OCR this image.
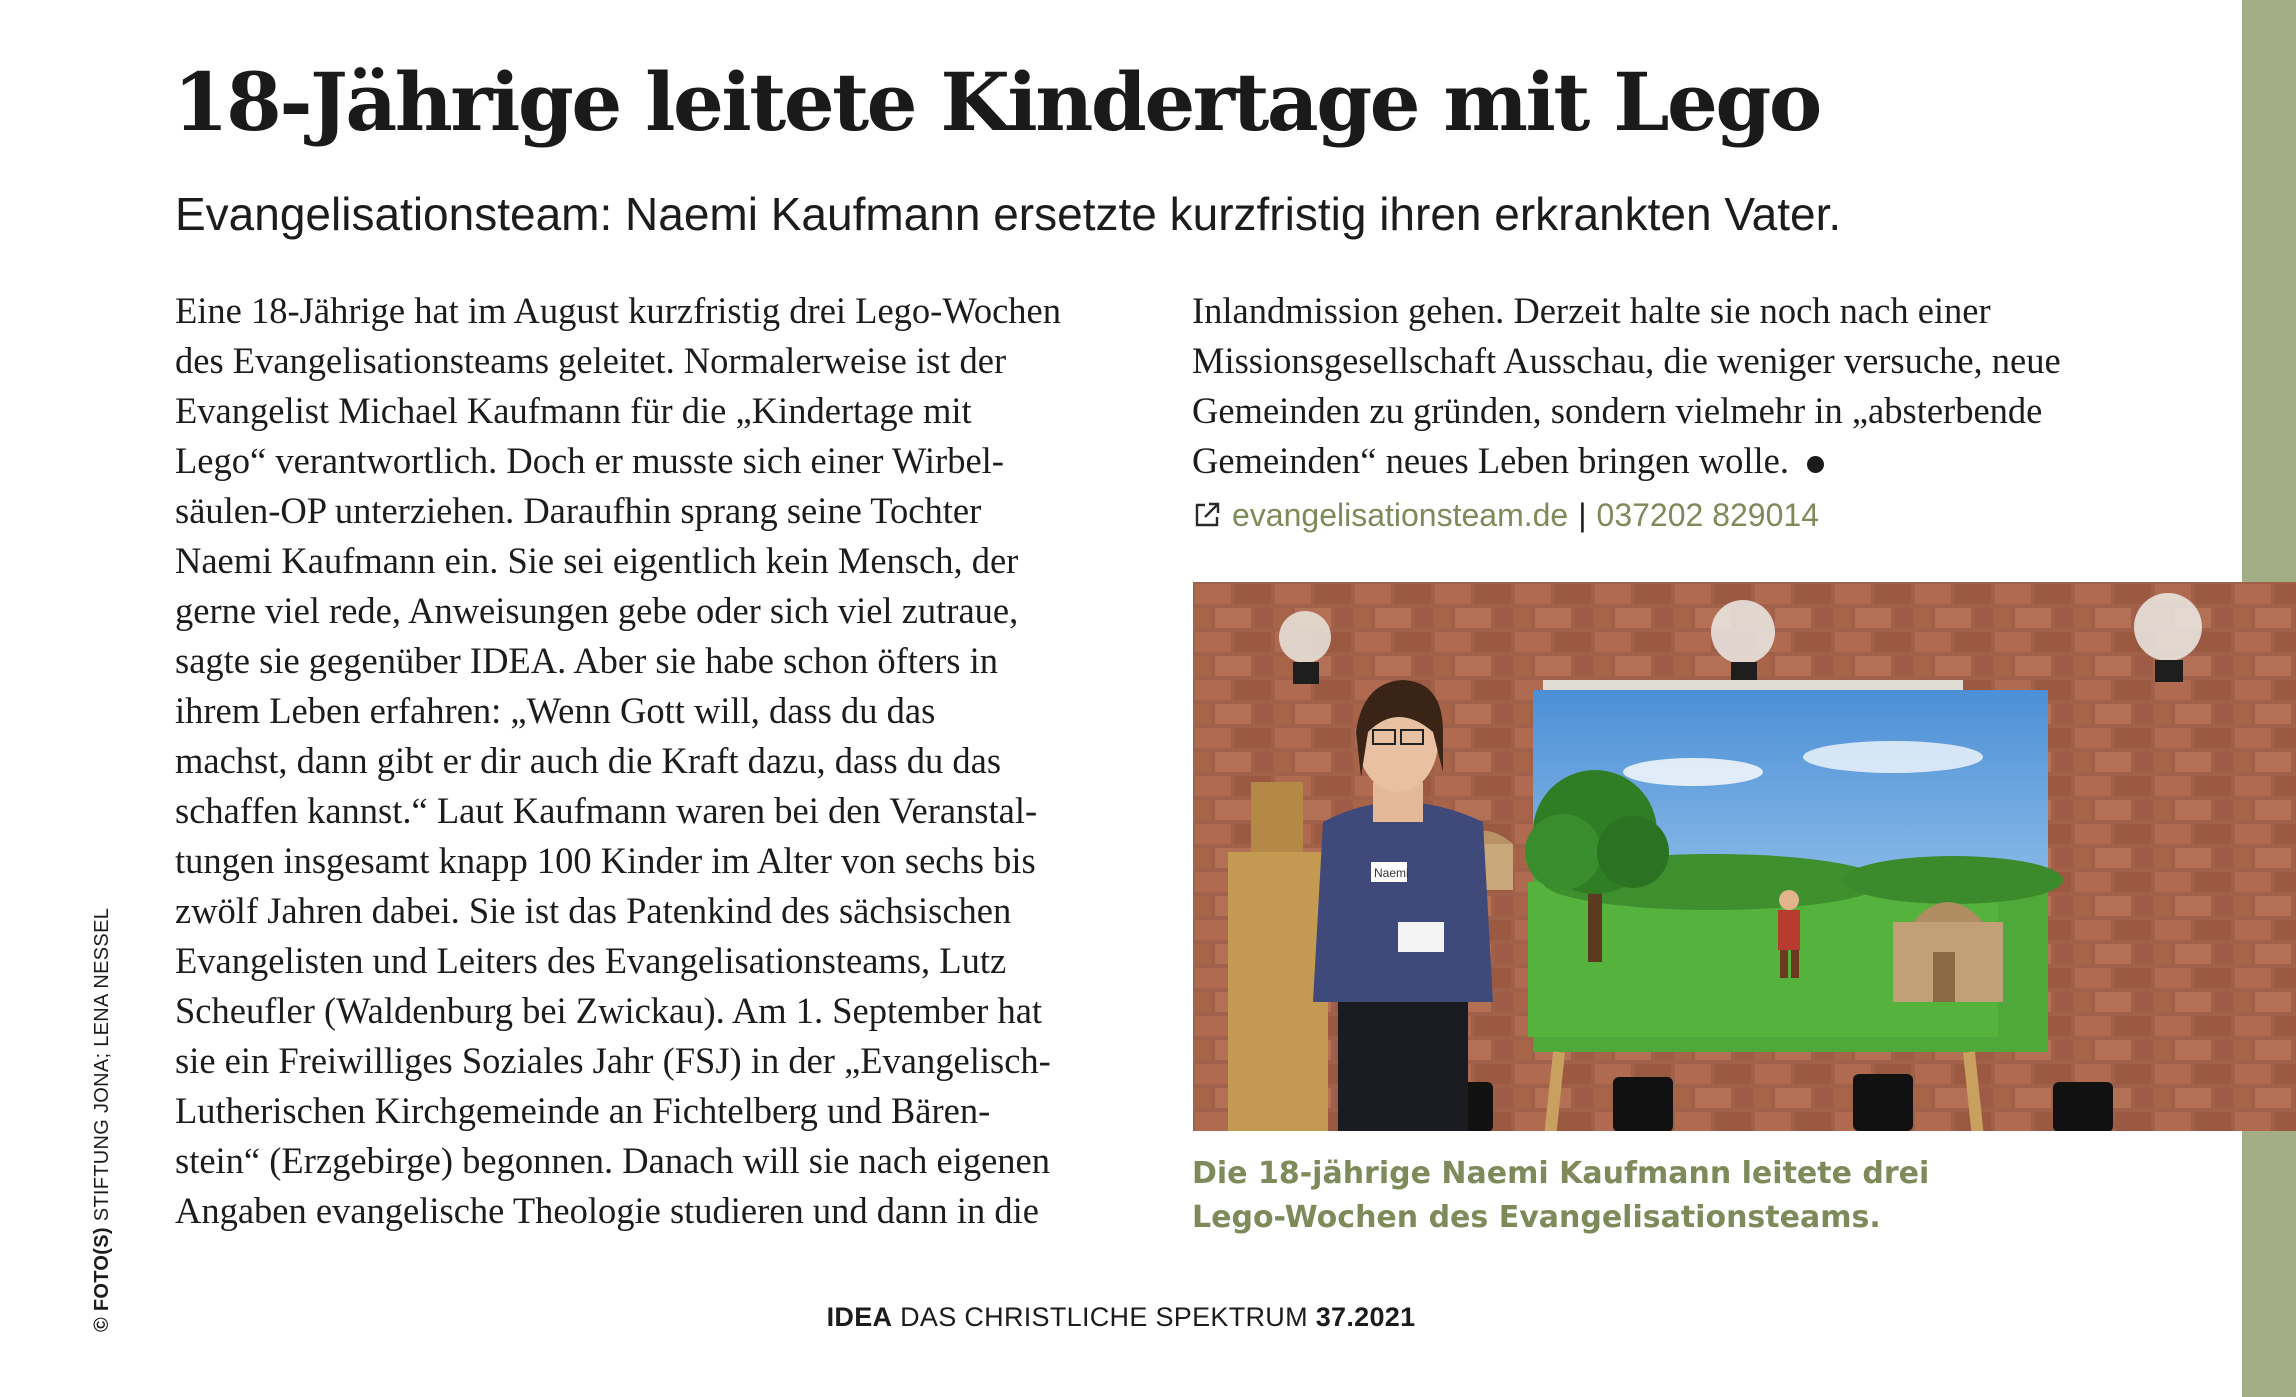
18-Jährige leitete Kindertage mit Lego
Evangelisationsteam: Naemi Kaufmann ersetzte kurzfristig ihren erkrankten Vater.

Eine 18-Jährige hat im August kurzfristig drei Lego-Wochen
des Evangelisationsteams geleitet. Normalerweise ist der
Evangelist Michael Kaufmann für die „Kindertage mit
Lego“ verantwortlich. Doch er musste sich einer Wirbel-
säulen-OP unterziehen. Daraufhin sprang seine Tochter
Naemi Kaufmann ein. Sie sei eigentlich kein Mensch, der
gerne viel rede, Anweisungen gebe oder sich viel zutraue,
sagte sie gegenüber IDEA. Aber sie habe schon öfters in
ihrem Leben erfahren: „Wenn Gott will, dass du das
machst, dann gibt er dir auch die Kraft dazu, dass du das
schaffen kannst.“ Laut Kaufmann waren bei den Veranstal-
tungen insgesamt knapp 100 Kinder im Alter von sechs bis
zwölf Jahren dabei. Sie ist das Patenkind des sächsischen
Evangelisten und Leiters des Evangelisationsteams, Lutz
Scheufler (Waldenburg bei Zwickau). Am 1. September hat
sie ein Freiwilliges Soziales Jahr (FSJ) in der „Evangelisch-
Lutherischen Kirchgemeinde an Fichtelberg und Bären-
stein“ (Erzgebirge) begonnen. Danach will sie nach eigenen
Angaben evangelische Theologie studieren und dann in die

Inlandmission gehen. Derzeit halte sie noch nach einer
Missionsgesellschaft Ausschau, die weniger versuche, neue
Gemeinden zu gründen, sondern vielmehr in „absterbende
Gemeinden“ neues Leben bringen wolle.

evangelisationsteam.de | 037202 829014
Naemi
Die 18-jährige Naemi Kaufmann leitete drei
Lego-Wochen des Evangelisationsteams.
IDEA DAS CHRISTLICHE SPEKTRUM 37.2021
© FOTO(S) STIFTUNG JONA; LENA NESSEL
